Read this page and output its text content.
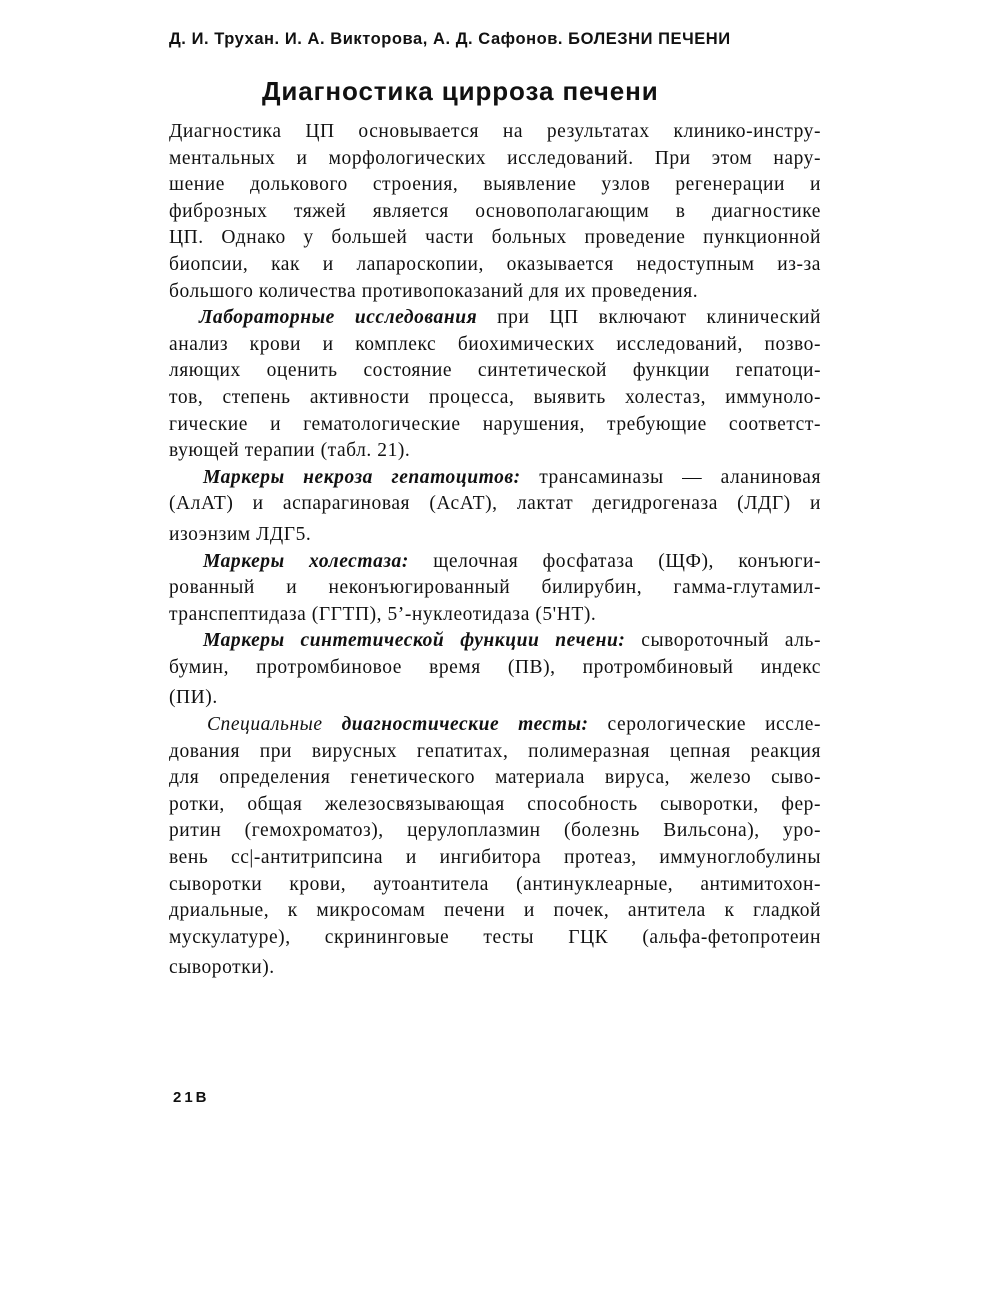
Д. И. Трухан. И. А. Викторова, А. Д. Сафонов. БОЛЕЗНИ ПЕЧЕНИ
Диагностика цирроза печени

Диагностика ЦП основывается на результатах клинико-инстру-
ментальных и морфологических исследований. При этом нару-
шение долькового строения, выявление узлов регенерации и
фиброзных тяжей является основополагающим в диагностике
ЦП. Однако у большей части больных проведение пункционной
биопсии, как и лапароскопии, оказывается недоступным из-за
большого количества противопоказаний для их проведения.

Лабораторные исследования при ЦП включают клинический
анализ крови и комплекс биохимических исследований, позво-
ляющих оценить состояние синтетической функции гепатоци-
тов, степень активности процесса, выявить холестаз, иммуноло-
гические и гематологические нарушения, требующие соответст-
вующей терапии (табл. 21).

Маркеры некроза гепатоцитов: трансаминазы — аланиновая
(АлАТ) и аспарагиновая (АсАТ), лактат дегидрогеназа (ЛДГ) и
изоэнзим ЛДГ5.

Маркеры холестаза: щелочная фосфатаза (ЩФ), конъюги-
рованный и неконъюгированный билирубин, гамма-глутамил-
транспептидаза (ГГТП), 5’-нуклеотидаза (5'НТ).

Маркеры синтетической функции печени: сывороточный аль-
бумин, протромбиновое время (ПВ), протромбиновый индекс
(ПИ).

Специальные диагностические тесты: серологические иссле-
дования при вирусных гепатитах, полимеразная цепная реакция
для определения генетического материала вируса, железо сыво-
ротки, общая железосвязывающая способность сыворотки, фер-
ритин (гемохроматоз), церулоплазмин (болезнь Вильсона), уро-
вень cc|-антитрипсина и ингибитора протеаз, иммуноглобулины
сыворотки крови, аутоантитела (антинуклеарные, антимитохон-
дриальные, к микросомам печени и почек, антитела к гладкой
мускулатуре), скрининговые тесты ГЦК (альфа-фетопротеин
сыворотки).

21В
